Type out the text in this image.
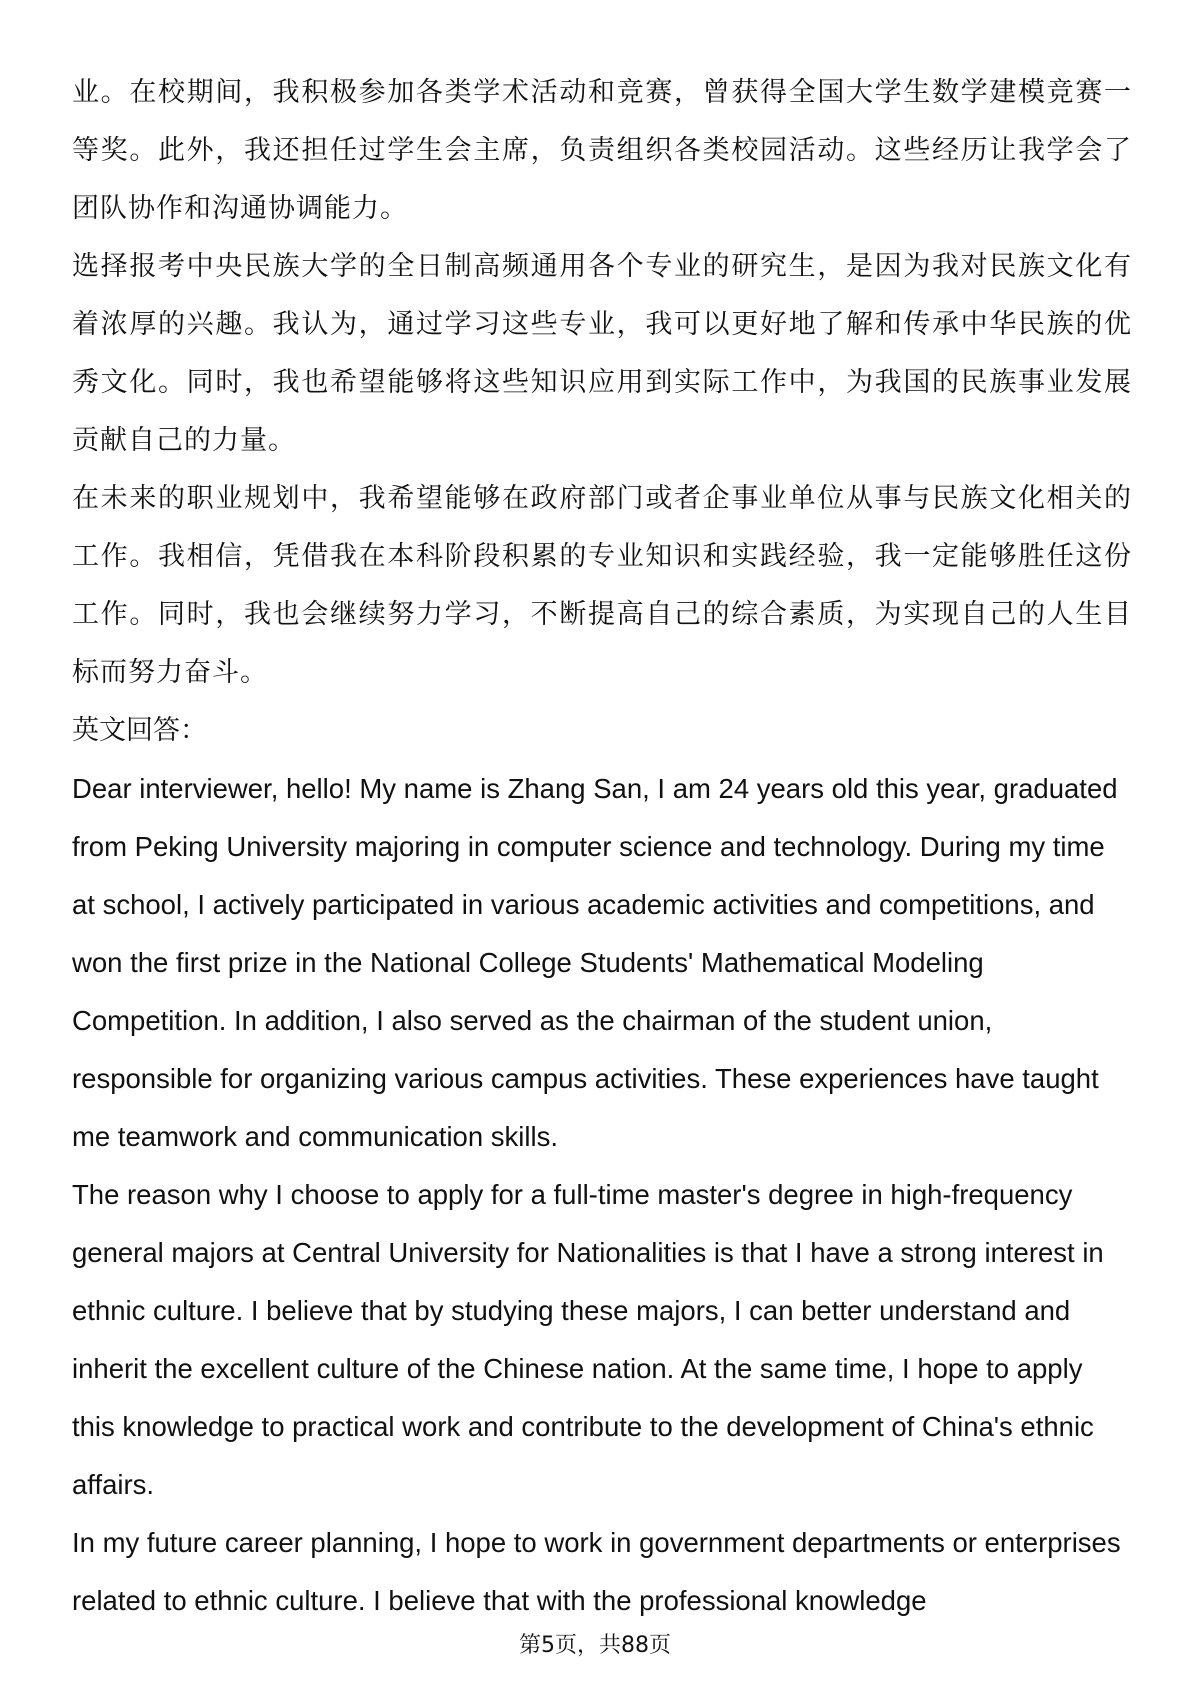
业。在校期间，我积极参加各类学术活动和竞赛，曾获得全国大学生数学建模竞赛一等奖。此外，我还担任过学生会主席，负责组织各类校园活动。这些经历让我学会了团队协作和沟通协调能力。

选择报考中央民族大学的全日制高频通用各个专业的研究生，是因为我对民族文化有着浓厚的兴趣。我认为，通过学习这些专业，我可以更好地了解和传承中华民族的优秀文化。同时，我也希望能够将这些知识应用到实际工作中，为我国的民族事业发展贡献自己的力量。

在未来的职业规划中，我希望能够在政府部门或者企事业单位从事与民族文化相关的工作。我相信，凭借我在本科阶段积累的专业知识和实践经验，我一定能够胜任这份工作。同时，我也会继续努力学习，不断提高自己的综合素质，为实现自己的人生目标而努力奋斗。

英文回答：

Dear interviewer, hello! My name is Zhang San, I am 24 years old this year, graduated from Peking University majoring in computer science and technology. During my time at school, I actively participated in various academic activities and competitions, and won the first prize in the National College Students' Mathematical Modeling Competition. In addition, I also served as the chairman of the student union, responsible for organizing various campus activities. These experiences have taught me teamwork and communication skills.

The reason why I choose to apply for a full-time master's degree in high-frequency general majors at Central University for Nationalities is that I have a strong interest in ethnic culture. I believe that by studying these majors, I can better understand and inherit the excellent culture of the Chinese nation. At the same time, I hope to apply this knowledge to practical work and contribute to the development of China's ethnic affairs.

In my future career planning, I hope to work in government departments or enterprises related to ethnic culture. I believe that with the professional knowledge

第5页，共88页
